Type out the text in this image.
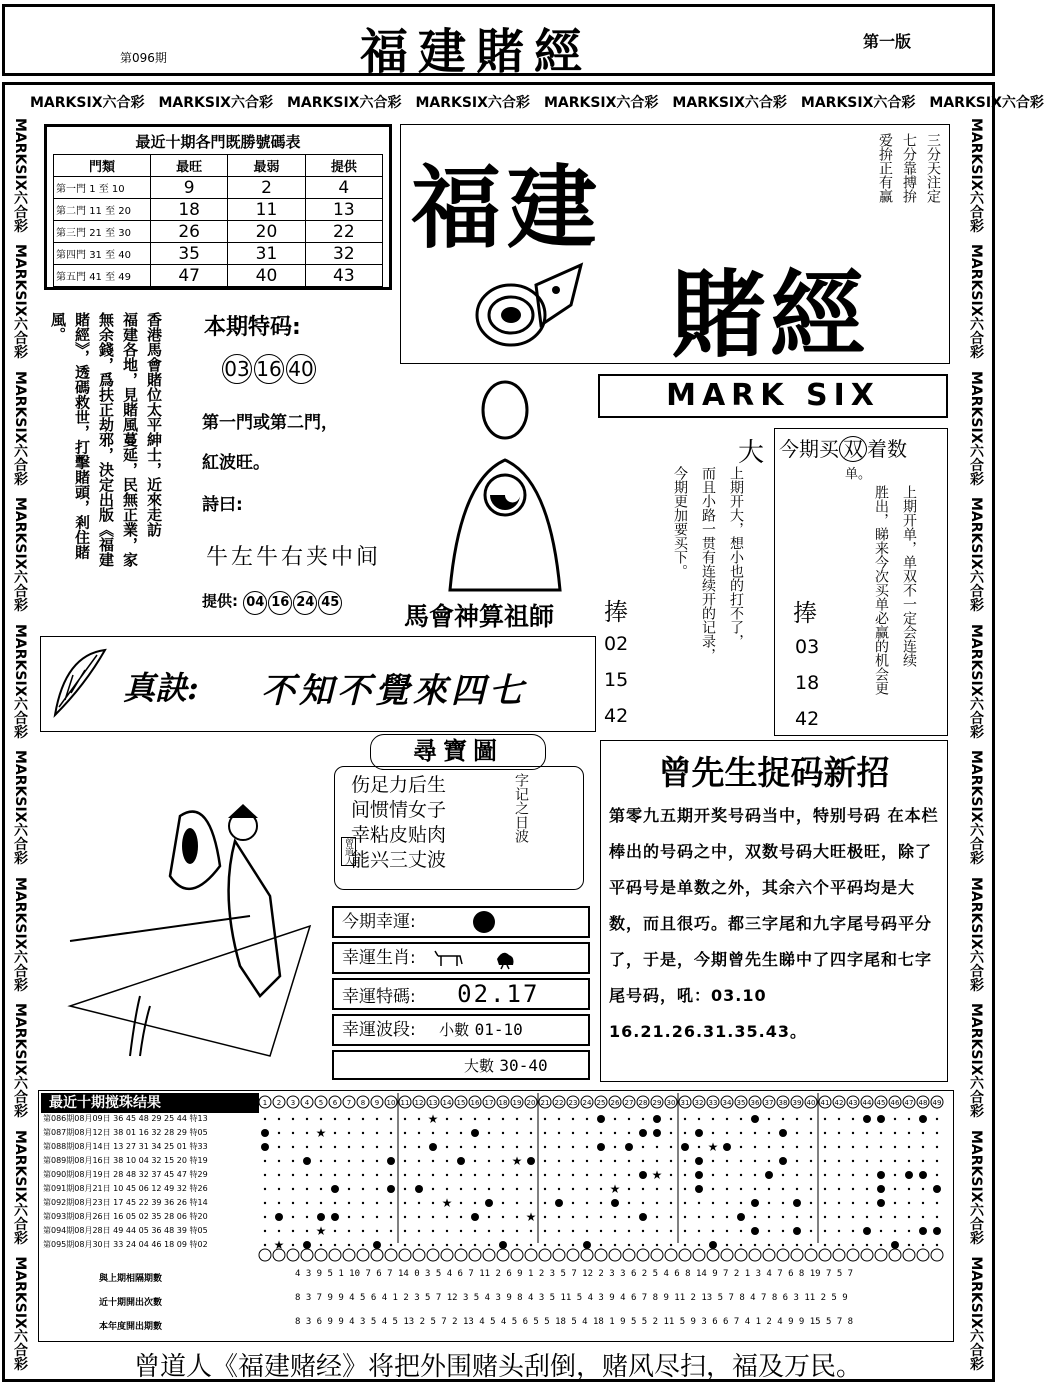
第096期	福建賭經	第一版
MARKSIX六合彩 MARKSIX六合彩 MARKSIX六合彩 MARKSIX六合彩 MARKSIX六合彩 MARKSIX六合彩 MARKSIX六合彩 MARKSIX六合彩
MARKSIX六合彩MARKSIX六合彩MARKSIX六合彩MARKSIX六合彩MARKSIX六合彩MARKSIX六合彩MARKSIX六合彩MARKSIX六合彩MARKSIX六合彩MARKSIX六合彩
MARKSIX六合彩MARKSIX六合彩MARKSIX六合彩MARKSIX六合彩MARKSIX六合彩MARKSIX六合彩MARKSIX六合彩MARKSIX六合彩MARKSIX六合彩MARKSIX六合彩
最近十期各門既勝號碼表
門類	最旺	最弱	提供
第一門 1 至 10	9	2	4
第二門 11 至 20	18	11	13
第三門 21 至 30	26	20	22
第四門 31 至 40	35	31	32
第五門 41 至 49	47	40	43
福建
賭經
三分天注定
七分靠搏拚
爱拚正有赢
MARK SIX
香港馬會賭位太平紳士，近來走訪
福建各地，見賭風蔓延，民無正業，家
無余錢，爲扶正劫邪，決定出版《福建
賭經》，透碼救世，打擊賭頭，剎住賭
風。	本期特码:
03 16 40
第一門或第二門，
紅波旺。
詩曰:
牛左牛右夹中间
提供: 04 16 24 45	馬會神算祖師
大
上期开大，想小也的打不了，
而且小路一贯有连续开的记录，
今期更加要买下。
捧
02
15
42
今期买 双 着数
单。
上期开单，单双不一定会连续
胜出，睇来今次买单必赢的机会更
捧
03
18
42
真訣: 不知不覺來四七
尋寶圖
伤足力后生
间惯情女子
幸粘皮贴肉
能兴三丈波
字记之日波
曾道人
今期幸運:
幸運生肖:
幸運特碼: 02.17
幸運波段: 小數 01-10
大數 30-40
曾先生捉码新招
第零九五期开奖号码当中，特别号码 在本栏棒出的号码之中，双数号码大旺极旺，除了平码号是单数之外，其余六个平码均是大数，而且很巧。都三字尾和九字尾号码平分了，于是，今期曾先生睇中了四字尾和七字尾号码，吼：03.10 16.21.26.31.35.43。
最近十期搅珠结果	1 2 3 4 5 6 7 8 9 10 11 12 13 14 15 16 17 18 19 20 21 22 23 24 25 26 27 28 29 30 31 32 33 34 35 36 37 38 39 40 41 42 43 44 45 46 47 48 49
★
★
★
★
★
★
★
★
★
★
第086期08月09日 36 45 48 29 25 44 特13
第087期08月12日 38 01 16 32 28 29 特05
第088期08月14日 13 27 31 34 25 01 特33
第089期08月16日 38 10 04 32 15 20 特19
第090期08月19日 28 48 32 37 45 47 特29
第091期08月21日 10 45 06 12 49 32 特26
第092期08月23日 17 45 22 39 36 26 特14
第093期08月26日 16 05 02 35 28 06 特20
第094期08月28日 49 44 05 36 48 39 特05
第095期08月30日 33 24 04 46 18 09 特02
與上期相隔期數	4 3 9 5 1 10 7 6 7 14 0 3 5 4 6 7 11 2 6 9 1 2 3 5 7 12 2 3 3 6 2 5 4 6 8 14 9 7 2 1 3 4 7 6 8 19 7 5 7
近十期開出次數	8 3 7 9 9 4 5 6 4 1 2 3 5 7 12 3 5 4 3 9 8 4 3 5 11 5 4 3 9 4 6 7 8 9 11 2 13 5 7 8 4 7 8 6 3 11 2 5 9
本年度開出期數	8 3 6 9 9 4 3 5 4 5 13 2 5 7 2 13 4 5 4 5 6 5 5 18 5 4 18 1 9 5 5 2 11 5 9 3 6 6 7 4 1 2 4 9 9 15 5 7 8
曾道人《福建赌经》将把外围赌头刮倒，赌风尽扫，福及万民。
